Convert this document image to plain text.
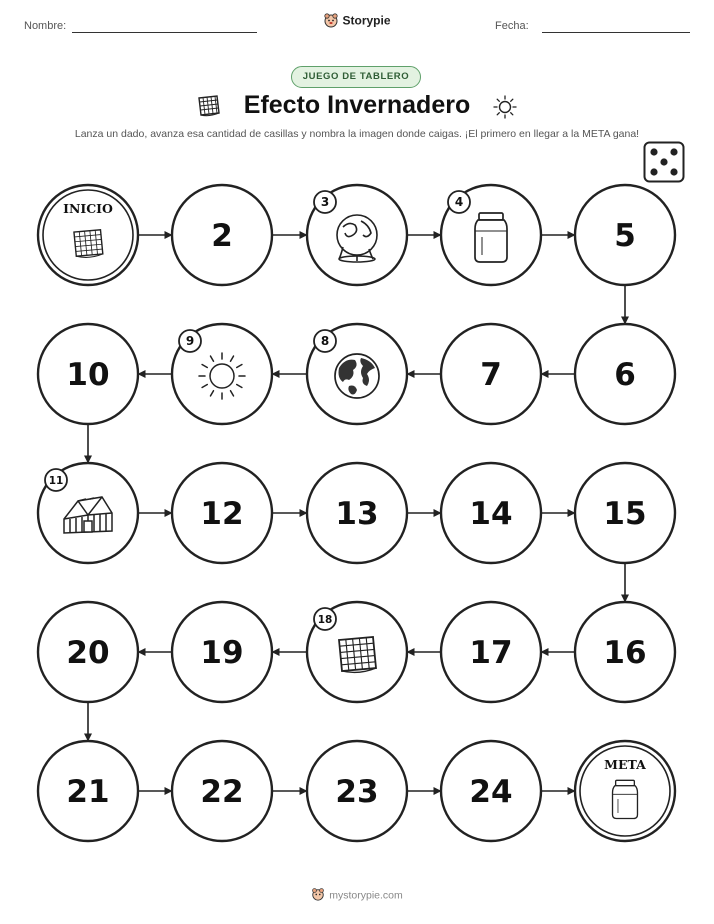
Nombre:	Fecha:
Storypie
JUEGO DE TABLERO
Efecto Invernadero
Lanza un dado, avanza esa cantidad de casillas y nombra la imagen donde caigas. ¡El primero en llegar a la META gana!
INICIO
2
3	4
5
6
7
8
9
10
11
12	13	14	15
16
17
18
19
20
21	22	23	24
META
mystorypie.com
